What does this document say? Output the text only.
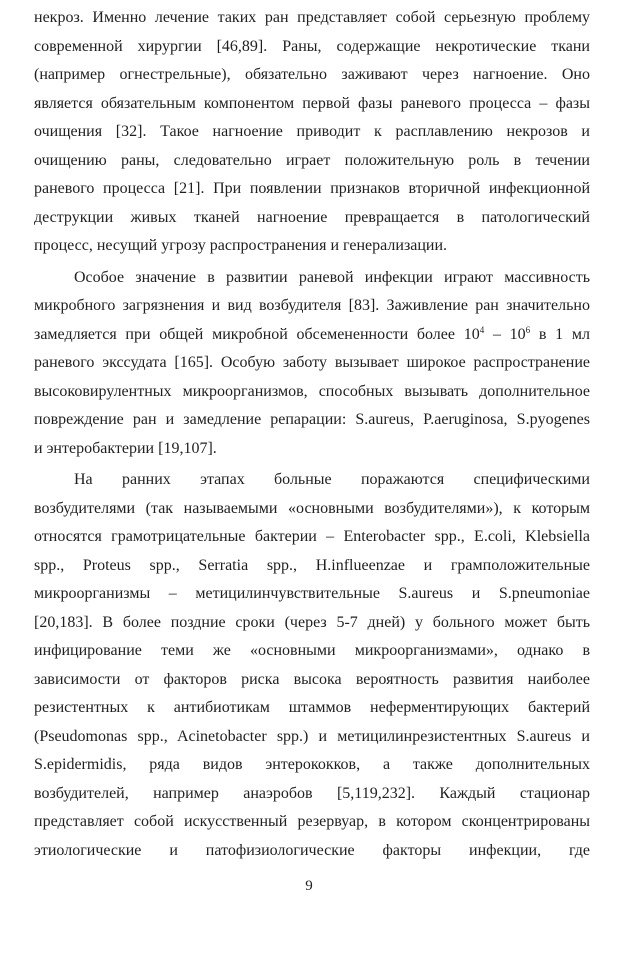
некроз. Именно лечение таких ран представляет собой серьезную проблему
современной хирургии [46,89]. Раны, содержащие некротические ткани
(например огнестрельные), обязательно заживают через нагноение. Оно
является обязательным компонентом первой фазы раневого процесса – фазы
очищения [32]. Такое нагноение приводит к расплавлению некрозов и
очищению раны, следовательно играет положительную роль в течении
раневого процесса [21]. При появлении признаков вторичной инфекционной
деструкции живых тканей нагноение превращается в патологический
процесс, несущий угрозу распространения и генерализации.
Особое значение в развитии раневой инфекции играют массивность
микробного загрязнения и вид возбудителя [83]. Заживление ран значительно
замедляется при общей микробной обсемененности более $10^4 - 10^6$ в 1 мл
раневого экссудата [165]. Особую заботу вызывает широкое распространение
высоковирулентных микроорганизмов, способных вызывать дополнительное
повреждение ран и замедление репарации: S.aureus, P.aeruginosa, S.pyogenes
и энтеробактерии [19,107].
На ранних этапах больные поражаются специфическими
возбудителями (так называемыми «основными возбудителями»), к которым
относятся грамотрицательные бактерии – Enterobacter spp., E.coli, Klebsiella
spp., Proteus spp., Serratia spp., H.influeenzae и грамположительные
микроорганизмы – метицилинчувствительные S.aureus и S.pneumoniae
[20,183]. В более поздние сроки (через 5-7 дней) у больного может быть
инфицирование теми же «основными микроорганизмами», однако в
зависимости от факторов риска высока вероятность развития наиболее
резистентных к антибиотикам штаммов неферментирующих бактерий
(Pseudomonas spp., Acinetobacter spp.) и метицилинрезистентных S.aureus и
S.epidermidis, ряда видов энтерококков, а также дополнительных
возбудителей, например анаэробов [5,119,232]. Каждый стационар
представляет собой искусственный резервуар, в котором сконцентрированы
этиологические и патофизиологические факторы инфекции, где
9
